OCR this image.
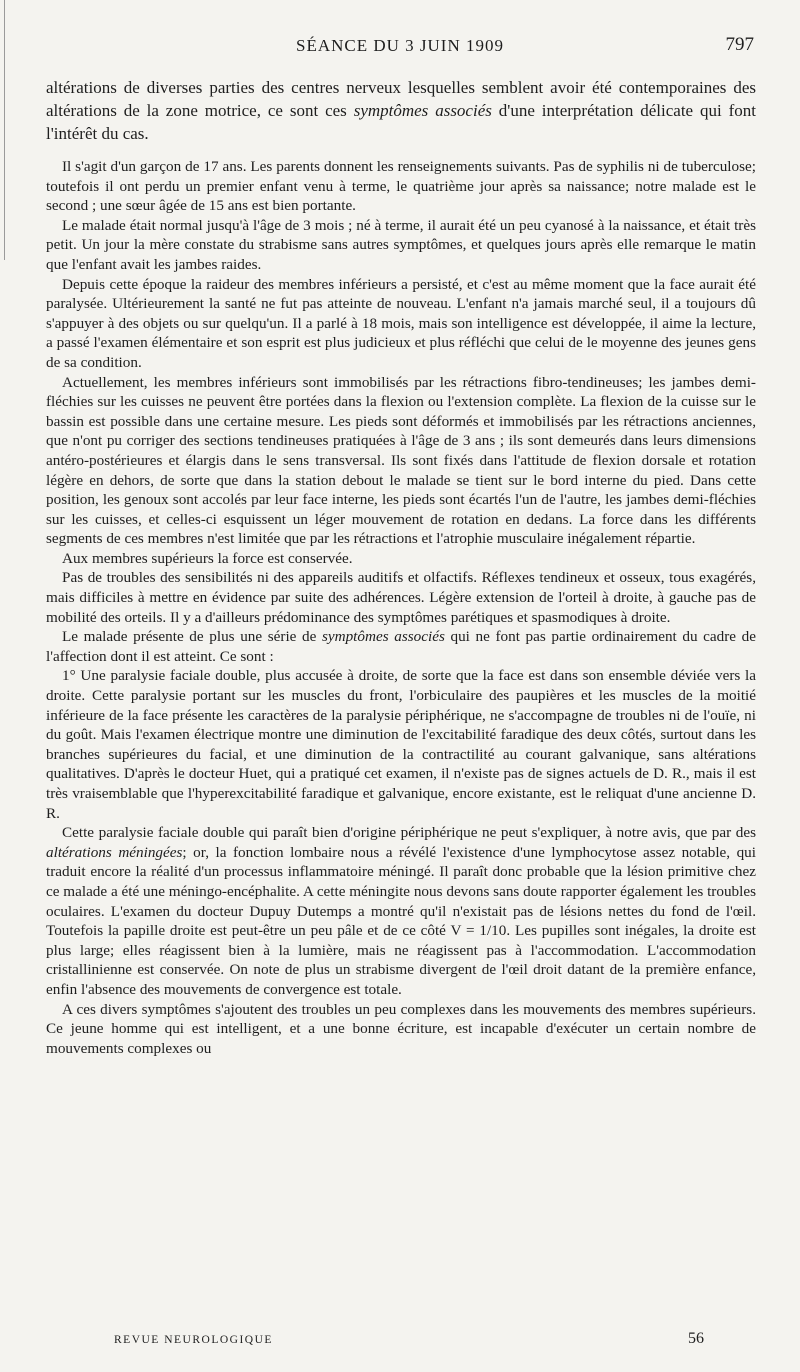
SÉANCE DU 3 JUIN 1909	797

altérations de diverses parties des centres nerveux lesquelles semblent avoir été contemporaines des altérations de la zone motrice, ce sont ces symptômes associés d'une interprétation délicate qui font l'intérêt du cas.

Il s'agit d'un garçon de 17 ans. Les parents donnent les renseignements suivants. Pas de syphilis ni de tuberculose; toutefois il ont perdu un premier enfant venu à terme, le quatrième jour après sa naissance; notre malade est le second ; une sœur âgée de 15 ans est bien portante.

Le malade était normal jusqu'à l'âge de 3 mois ; né à terme, il aurait été un peu cyanosé à la naissance, et était très petit. Un jour la mère constate du strabisme sans autres symptômes, et quelques jours après elle remarque le matin que l'enfant avait les jambes raides.

Depuis cette époque la raideur des membres inférieurs a persisté, et c'est au même moment que la face aurait été paralysée. Ultérieurement la santé ne fut pas atteinte de nouveau. L'enfant n'a jamais marché seul, il a toujours dû s'appuyer à des objets ou sur quelqu'un. Il a parlé à 18 mois, mais son intelligence est développée, il aime la lecture, a passé l'examen élémentaire et son esprit est plus judicieux et plus réfléchi que celui de le moyenne des jeunes gens de sa condition.

Actuellement, les membres inférieurs sont immobilisés par les rétractions fibro-tendineuses; les jambes demi-fléchies sur les cuisses ne peuvent être portées dans la flexion ou l'extension complète. La flexion de la cuisse sur le bassin est possible dans une certaine mesure. Les pieds sont déformés et immobilisés par les rétractions anciennes, que n'ont pu corriger des sections tendineuses pratiquées à l'âge de 3 ans ; ils sont demeurés dans leurs dimensions antéro-postérieures et élargis dans le sens transversal. Ils sont fixés dans l'attitude de flexion dorsale et rotation légère en dehors, de sorte que dans la station debout le malade se tient sur le bord interne du pied. Dans cette position, les genoux sont accolés par leur face interne, les pieds sont écartés l'un de l'autre, les jambes demi-fléchies sur les cuisses, et celles-ci esquissent un léger mouvement de rotation en dedans. La force dans les différents segments de ces membres n'est limitée que par les rétractions et l'atrophie musculaire inégalement répartie.

Aux membres supérieurs la force est conservée.

Pas de troubles des sensibilités ni des appareils auditifs et olfactifs. Réflexes tendineux et osseux, tous exagérés, mais difficiles à mettre en évidence par suite des adhérences. Légère extension de l'orteil à droite, à gauche pas de mobilité des orteils. Il y a d'ailleurs prédominance des symptômes parétiques et spasmodiques à droite.

Le malade présente de plus une série de symptômes associés qui ne font pas partie ordinairement du cadre de l'affection dont il est atteint. Ce sont :

1° Une paralysie faciale double, plus accusée à droite, de sorte que la face est dans son ensemble déviée vers la droite. Cette paralysie portant sur les muscles du front, l'orbiculaire des paupières et les muscles de la moitié inférieure de la face présente les caractères de la paralysie périphérique, ne s'accompagne de troubles ni de l'ouïe, ni du goût. Mais l'examen électrique montre une diminution de l'excitabilité faradique des deux côtés, surtout dans les branches supérieures du facial, et une diminution de la contractilité au courant galvanique, sans altérations qualitatives. D'après le docteur Huet, qui a pratiqué cet examen, il n'existe pas de signes actuels de D. R., mais il est très vraisemblable que l'hyperexcitabilité faradique et galvanique, encore existante, est le reliquat d'une ancienne D. R.

Cette paralysie faciale double qui paraît bien d'origine périphérique ne peut s'expliquer, à notre avis, que par des altérations méningées; or, la fonction lombaire nous a révélé l'existence d'une lymphocytose assez notable, qui traduit encore la réalité d'un processus inflammatoire méningé. Il paraît donc probable que la lésion primitive chez ce malade a été une méningo-encéphalite. A cette méningite nous devons sans doute rapporter également les troubles oculaires. L'examen du docteur Dupuy Dutemps a montré qu'il n'existait pas de lésions nettes du fond de l'œil. Toutefois la papille droite est peut-être un peu pâle et de ce côté V = 1/10. Les pupilles sont inégales, la droite est plus large; elles réagissent bien à la lumière, mais ne réagissent pas à l'accommodation. L'accommodation cristallinienne est conservée. On note de plus un strabisme divergent de l'œil droit datant de la première enfance, enfin l'absence des mouvements de convergence est totale.

A ces divers symptômes s'ajoutent des troubles un peu complexes dans les mouvements des membres supérieurs. Ce jeune homme qui est intelligent, et a une bonne écriture, est incapable d'exécuter un certain nombre de mouvements complexes ou

REVUE NEUROLOGIQUE	56
